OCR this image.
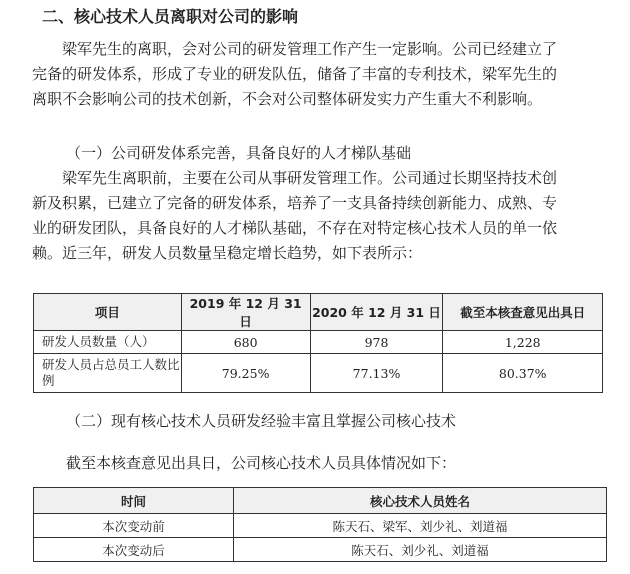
二、核心技术人员离职对公司的影响
梁军先生的离职，会对公司的研发管理工作产生一定影响。公司已经建立了
完备的研发体系，形成了专业的研发队伍，储备了丰富的专利技术，梁军先生的
离职不会影响公司的技术创新，不会对公司整体研发实力产生重大不利影响。
（一）公司研发体系完善，具备良好的人才梯队基础
梁军先生离职前，主要在公司从事研发管理工作。公司通过长期坚持技术创
新及积累，已建立了完备的研发体系，培养了一支具备持续创新能力、成熟、专
业的研发团队，具备良好的人才梯队基础，不存在对特定核心技术人员的单一依
赖。近三年，研发人员数量呈稳定增长趋势，如下表所示：
项目	2019 年 12 月 31 日	2020 年 12 月 31 日	截至本核查意见出具日
研发人员数量（人）	680	978	1,228
研发人员占总员工人数比例	79.25%	77.13%	80.37%
（二）现有核心技术人员研发经验丰富且掌握公司核心技术
截至本核查意见出具日，公司核心技术人员具体情况如下：
时间	核心技术人员姓名
本次变动前	陈天石、梁军、刘少礼、刘道福
本次变动后	陈天石、刘少礼、刘道福
